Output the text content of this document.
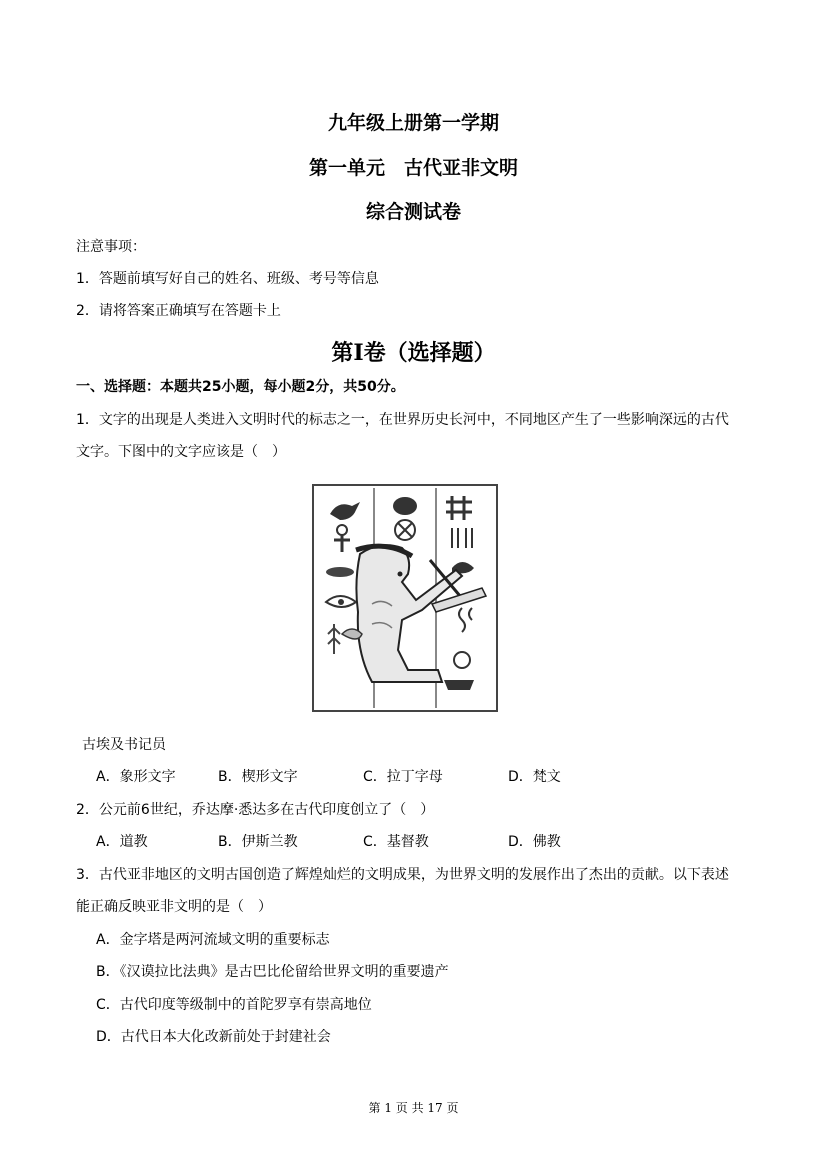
九年级上册第一学期
第一单元　古代亚非文明
综合测试卷
注意事项：
1．答题前填写好自己的姓名、班级、考号等信息
2．请将答案正确填写在答题卡上
第Ⅰ卷（选择题）
一、选择题：本题共25小题，每小题2分，共50分。
1．文字的出现是人类进入文明时代的标志之一，在世界历史长河中，不同地区产生了一些影响深远的古代
文字。下图中的文字应该是（　）
古埃及书记员
A．象形文字	B．楔形文字	C．拉丁字母	D．梵文
2．公元前6世纪，乔达摩·悉达多在古代印度创立了（　）
A．道教	B．伊斯兰教	C．基督教	D．佛教
3．古代亚非地区的文明古国创造了辉煌灿烂的文明成果，为世界文明的发展作出了杰出的贡献。以下表述
能正确反映亚非文明的是（　）
A．金字塔是两河流域文明的重要标志
B．《汉谟拉比法典》是古巴比伦留给世界文明的重要遗产
C．古代印度等级制中的首陀罗享有崇高地位
D．古代日本大化改新前处于封建社会
第 1 页 共 17 页
